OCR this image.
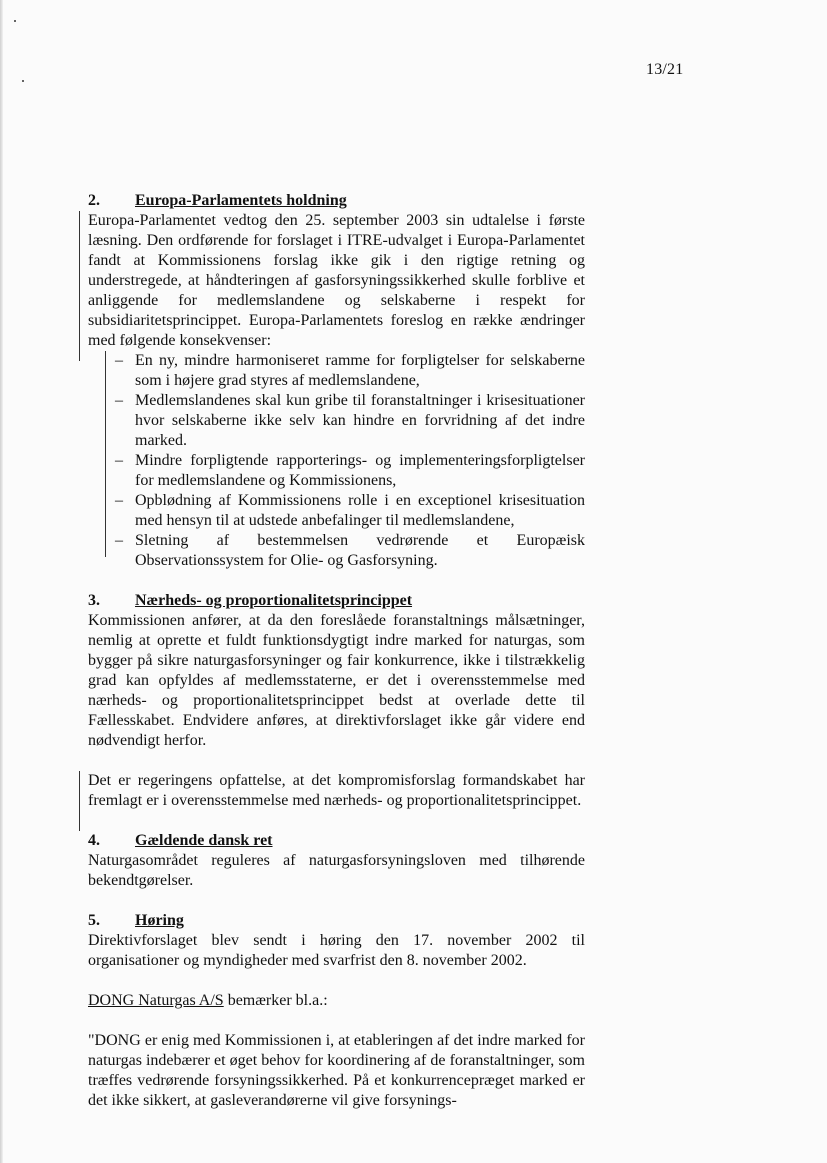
13/21
2. Europa-Parlamentets holdning

Europa-Parlamentet vedtog den 25. september 2003 sin udtalelse i første læsning. Den ordførende for forslaget i ITRE-udvalget i Europa-Parlamentet fandt at Kommissionens forslag ikke gik i den rigtige retning og understregede, at håndteringen af gasforsyningssikkerhed skulle forblive et anliggende for medlemslandene og selskaberne i respekt for subsidiaritetsprincippet. Europa-Parlamentets foreslog en række ændringer med følgende konsekvenser:

– En ny, mindre harmoniseret ramme for forpligtelser for selskaberne som i højere grad styres af medlemslandene,
– Medlemslandenes skal kun gribe til foranstaltninger i krisesituationer hvor selskaberne ikke selv kan hindre en forvridning af det indre marked.
– Mindre forpligtende rapporterings- og implementeringsforpligtelser for medlemslandene og Kommissionens,
– Opblødning af Kommissionens rolle i en exceptionel krisesituation med hensyn til at udstede anbefalinger til medlemslandene,
– Sletning af bestemmelsen vedrørende et Europæisk Observationssystem for Olie- og Gasforsyning.
3. Nærheds- og proportionalitetsprincippet

Kommissionen anfører, at da den foreslåede foranstaltnings målsætninger, nemlig at oprette et fuldt funktionsdygtigt indre marked for naturgas, som bygger på sikre naturgasforsyninger og fair konkurrence, ikke i tilstrækkelig grad kan opfyldes af medlemsstaterne, er det i overensstemmelse med nærheds- og proportionalitetsprincippet bedst at overlade dette til Fællesskabet. Endvidere anføres, at direktivforslaget ikke går videre end nødvendigt herfor.

Det er regeringens opfattelse, at det kompromisforslag formandskabet har fremlagt er i overensstemmelse med nærheds- og proportionalitetsprincippet.

4. Gældende dansk ret

Naturgasområdet reguleres af naturgasforsyningsloven med tilhørende bekendtgørelser.

5. Høring

Direktivforslaget blev sendt i høring den 17. november 2002 til organisationer og myndigheder med svarfrist den 8. november 2002.

DONG Naturgas A/S bemærker bl.a.:

"DONG er enig med Kommissionen i, at etableringen af det indre marked for naturgas indebærer et øget behov for koordinering af de foranstaltninger, som træffes vedrørende forsyningssikkerhed. På et konkurrencepræget marked er det ikke sikkert, at gasleverandørerne vil give forsynings-
